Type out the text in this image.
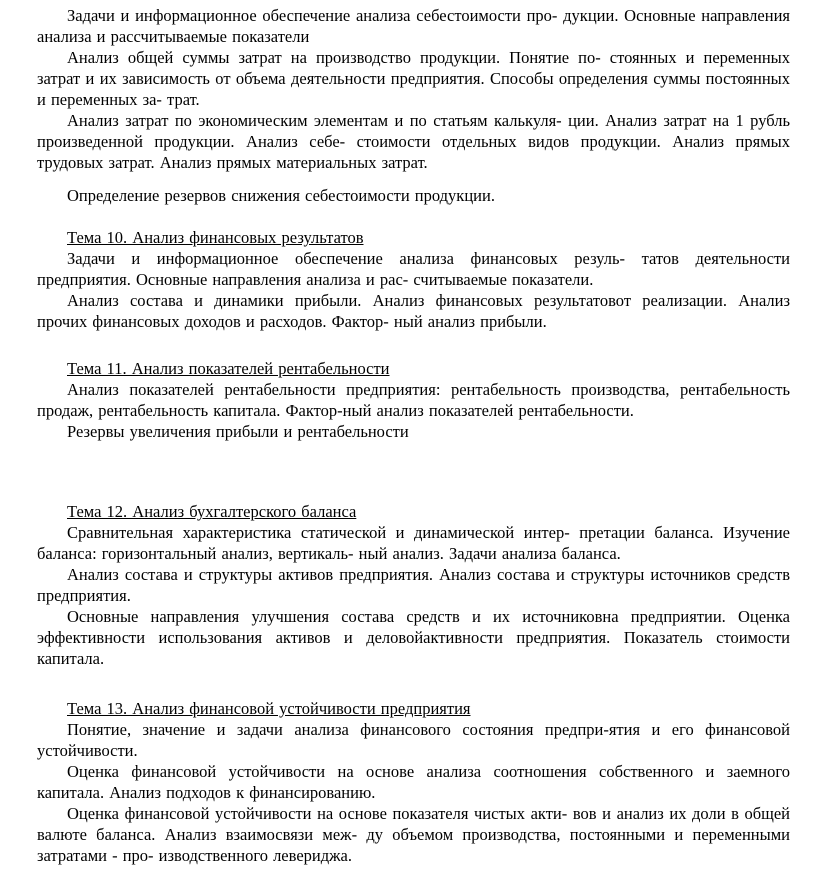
Задачи и информационное обеспечение анализа себестоимости про- дукции. Основные направления анализа и рассчитываемые показатели

Анализ общей суммы затрат на производство продукции. Понятие по- стоянных и переменных затрат и их зависимость от объема деятельности предприятия. Способы определения суммы постоянных и переменных за- трат.

Анализ затрат по экономическим элементам и по статьям калькуля- ции. Анализ затрат на 1 рубль произведенной продукции. Анализ себе- стоимости отдельных видов продукции. Анализ прямых трудовых затрат. Анализ прямых материальных затрат.

Определение резервов снижения себестоимости продукции.

Тема 10. Анализ финансовых результатов

Задачи и информационное обеспечение анализа финансовых резуль- татов деятельности предприятия. Основные направления анализа и рас- считываемые показатели.

Анализ состава и динамики прибыли. Анализ финансовых результатовот реализации. Анализ прочих финансовых доходов и расходов. Фактор- ный анализ прибыли.

Тема 11. Анализ показателей рентабельности

Анализ показателей рентабельности предприятия: рентабельность производства, рентабельность продаж, рентабельность капитала. Фактор-ный анализ показателей рентабельности.

Резервы увеличения прибыли и рентабельности

Тема 12. Анализ бухгалтерского баланса

Сравнительная характеристика статической и динамической интер- претации баланса. Изучение баланса: горизонтальный анализ, вертикаль- ный анализ. Задачи анализа баланса.

Анализ состава и структуры активов предприятия. Анализ состава и структуры источников средств предприятия.

Основные направления улучшения состава средств и их источниковна предприятии. Оценка эффективности использования активов и деловойактивности предприятия. Показатель стоимости капитала.

Тема 13. Анализ финансовой устойчивости предприятия

Понятие, значение и задачи анализа финансового состояния предпри-ятия и его финансовой устойчивости.

Оценка финансовой устойчивости на основе анализа соотношения собственного и заемного капитала. Анализ подходов к финансированию.

Оценка финансовой устойчивости на основе показателя чистых акти- вов и анализ их доли в общей валюте баланса. Анализ взаимосвязи меж- ду объемом производства, постоянными и переменными затратами - про- изводственного левериджа.
